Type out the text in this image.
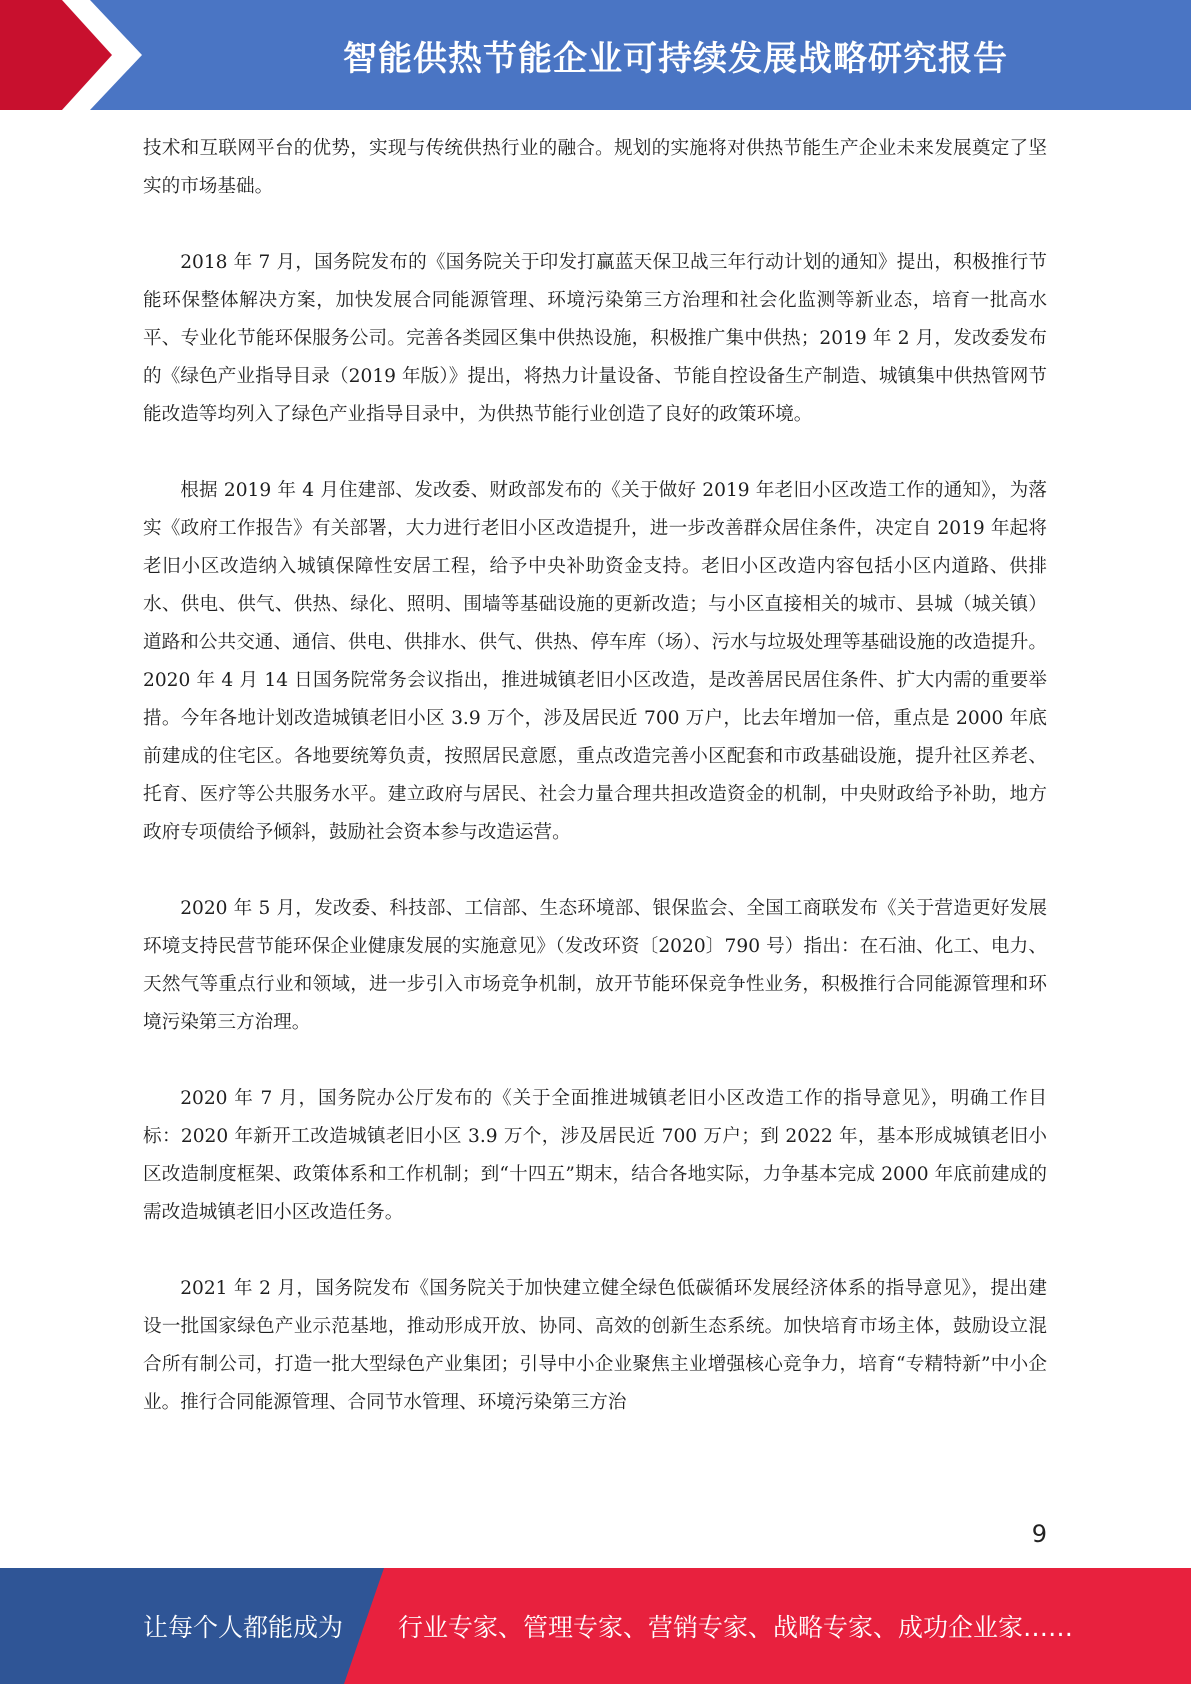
智能供热节能企业可持续发展战略研究报告

技术和互联网平台的优势，实现与传统供热行业的融合。规划的实施将对供热节能生产企业未来发展奠定了坚实的市场基础。

2018 年 7 月，国务院发布的《国务院关于印发打赢蓝天保卫战三年行动计划的通知》提出，积极推行节能环保整体解决方案，加快发展合同能源管理、环境污染第三方治理和社会化监测等新业态，培育一批高水平、专业化节能环保服务公司。完善各类园区集中供热设施，积极推广集中供热；2019 年 2 月，发改委发布的《绿色产业指导目录（2019 年版）》提出，将热力计量设备、节能自控设备生产制造、城镇集中供热管网节能改造等均列入了绿色产业指导目录中，为供热节能行业创造了良好的政策环境。

根据 2019 年 4 月住建部、发改委、财政部发布的《关于做好 2019 年老旧小区改造工作的通知》，为落实《政府工作报告》有关部署，大力进行老旧小区改造提升，进一步改善群众居住条件，决定自 2019 年起将老旧小区改造纳入城镇保障性安居工程，给予中央补助资金支持。老旧小区改造内容包括小区内道路、供排水、供电、供气、供热、绿化、照明、围墙等基础设施的更新改造；与小区直接相关的城市、县城（城关镇）道路和公共交通、通信、供电、供排水、供气、供热、停车库（场）、污水与垃圾处理等基础设施的改造提升。2020 年 4 月 14 日国务院常务会议指出，推进城镇老旧小区改造，是改善居民居住条件、扩大内需的重要举措。今年各地计划改造城镇老旧小区 3.9 万个，涉及居民近 700 万户，比去年增加一倍，重点是 2000 年底前建成的住宅区。各地要统筹负责，按照居民意愿，重点改造完善小区配套和市政基础设施，提升社区养老、托育、医疗等公共服务水平。建立政府与居民、社会力量合理共担改造资金的机制，中央财政给予补助，地方政府专项债给予倾斜，鼓励社会资本参与改造运营。

2020 年 5 月，发改委、科技部、工信部、生态环境部、银保监会、全国工商联发布《关于营造更好发展环境支持民营节能环保企业健康发展的实施意见》（发改环资〔2020〕790 号）指出：在石油、化工、电力、天然气等重点行业和领域，进一步引入市场竞争机制，放开节能环保竞争性业务，积极推行合同能源管理和环境污染第三方治理。

2020 年 7 月，国务院办公厅发布的《关于全面推进城镇老旧小区改造工作的指导意见》，明确工作目标：2020 年新开工改造城镇老旧小区 3.9 万个，涉及居民近 700 万户；到 2022 年，基本形成城镇老旧小区改造制度框架、政策体系和工作机制；到“十四五”期末，结合各地实际，力争基本完成 2000 年底前建成的需改造城镇老旧小区改造任务。

2021 年 2 月，国务院发布《国务院关于加快建立健全绿色低碳循环发展经济体系的指导意见》，提出建设一批国家绿色产业示范基地，推动形成开放、协同、高效的创新生态系统。加快培育市场主体，鼓励设立混合所有制公司，打造一批大型绿色产业集团；引导中小企业聚焦主业增强核心竞争力，培育“专精特新”中小企业。推行合同能源管理、合同节水管理、环境污染第三方治

9
让每个人都能成为 行业专家、管理专家、营销专家、战略专家、成功企业家……
